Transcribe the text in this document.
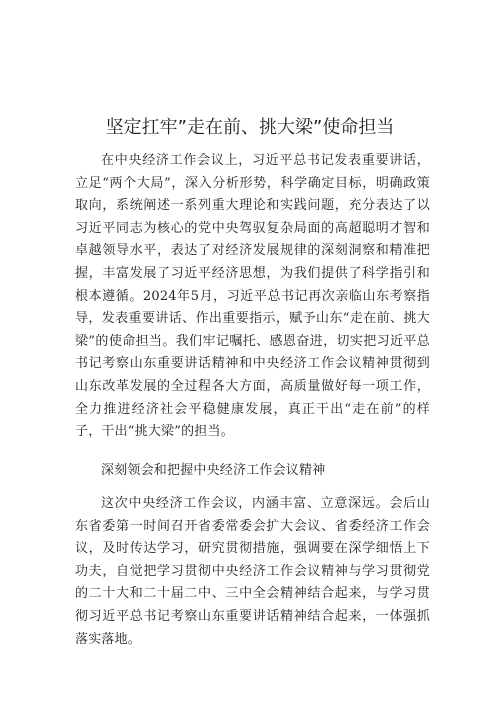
坚定扛牢”走在前、挑大梁”使命担当
在中央经济工作会议上，习近平总书记发表重要讲话，立足“两个大局”，深入分析形势，科学确定目标，明确政策取向，系统阐述一系列重大理论和实践问题，充分表达了以习近平同志为核心的党中央驾驭复杂局面的高超聪明才智和卓越领导水平，表达了对经济发展规律的深刻洞察和精准把握，丰富发展了习近平经济思想，为我们提供了科学指引和根本遵循。2024年5月，习近平总书记再次亲临山东考察指导，发表重要讲话、作出重要指示，赋予山东“走在前、挑大梁”的使命担当。我们牢记嘱托、感恩奋进，切实把习近平总书记考察山东重要讲话精神和中央经济工作会议精神贯彻到山东改革发展的全过程各大方面，高质量做好每一项工作，全力推进经济社会平稳健康发展，真正干出“走在前”的样子，干出“挑大梁”的担当。
深刻领会和把握中央经济工作会议精神
这次中央经济工作会议，内涵丰富、立意深远。会后山东省委第一时间召开省委常委会扩大会议、省委经济工作会议，及时传达学习，研究贯彻措施，强调要在深学细悟上下功夫，自觉把学习贯彻中央经济工作会议精神与学习贯彻党的二十大和二十届二中、三中全会精神结合起来，与学习贯彻习近平总书记考察山东重要讲话精神结合起来，一体强抓落实落地。
